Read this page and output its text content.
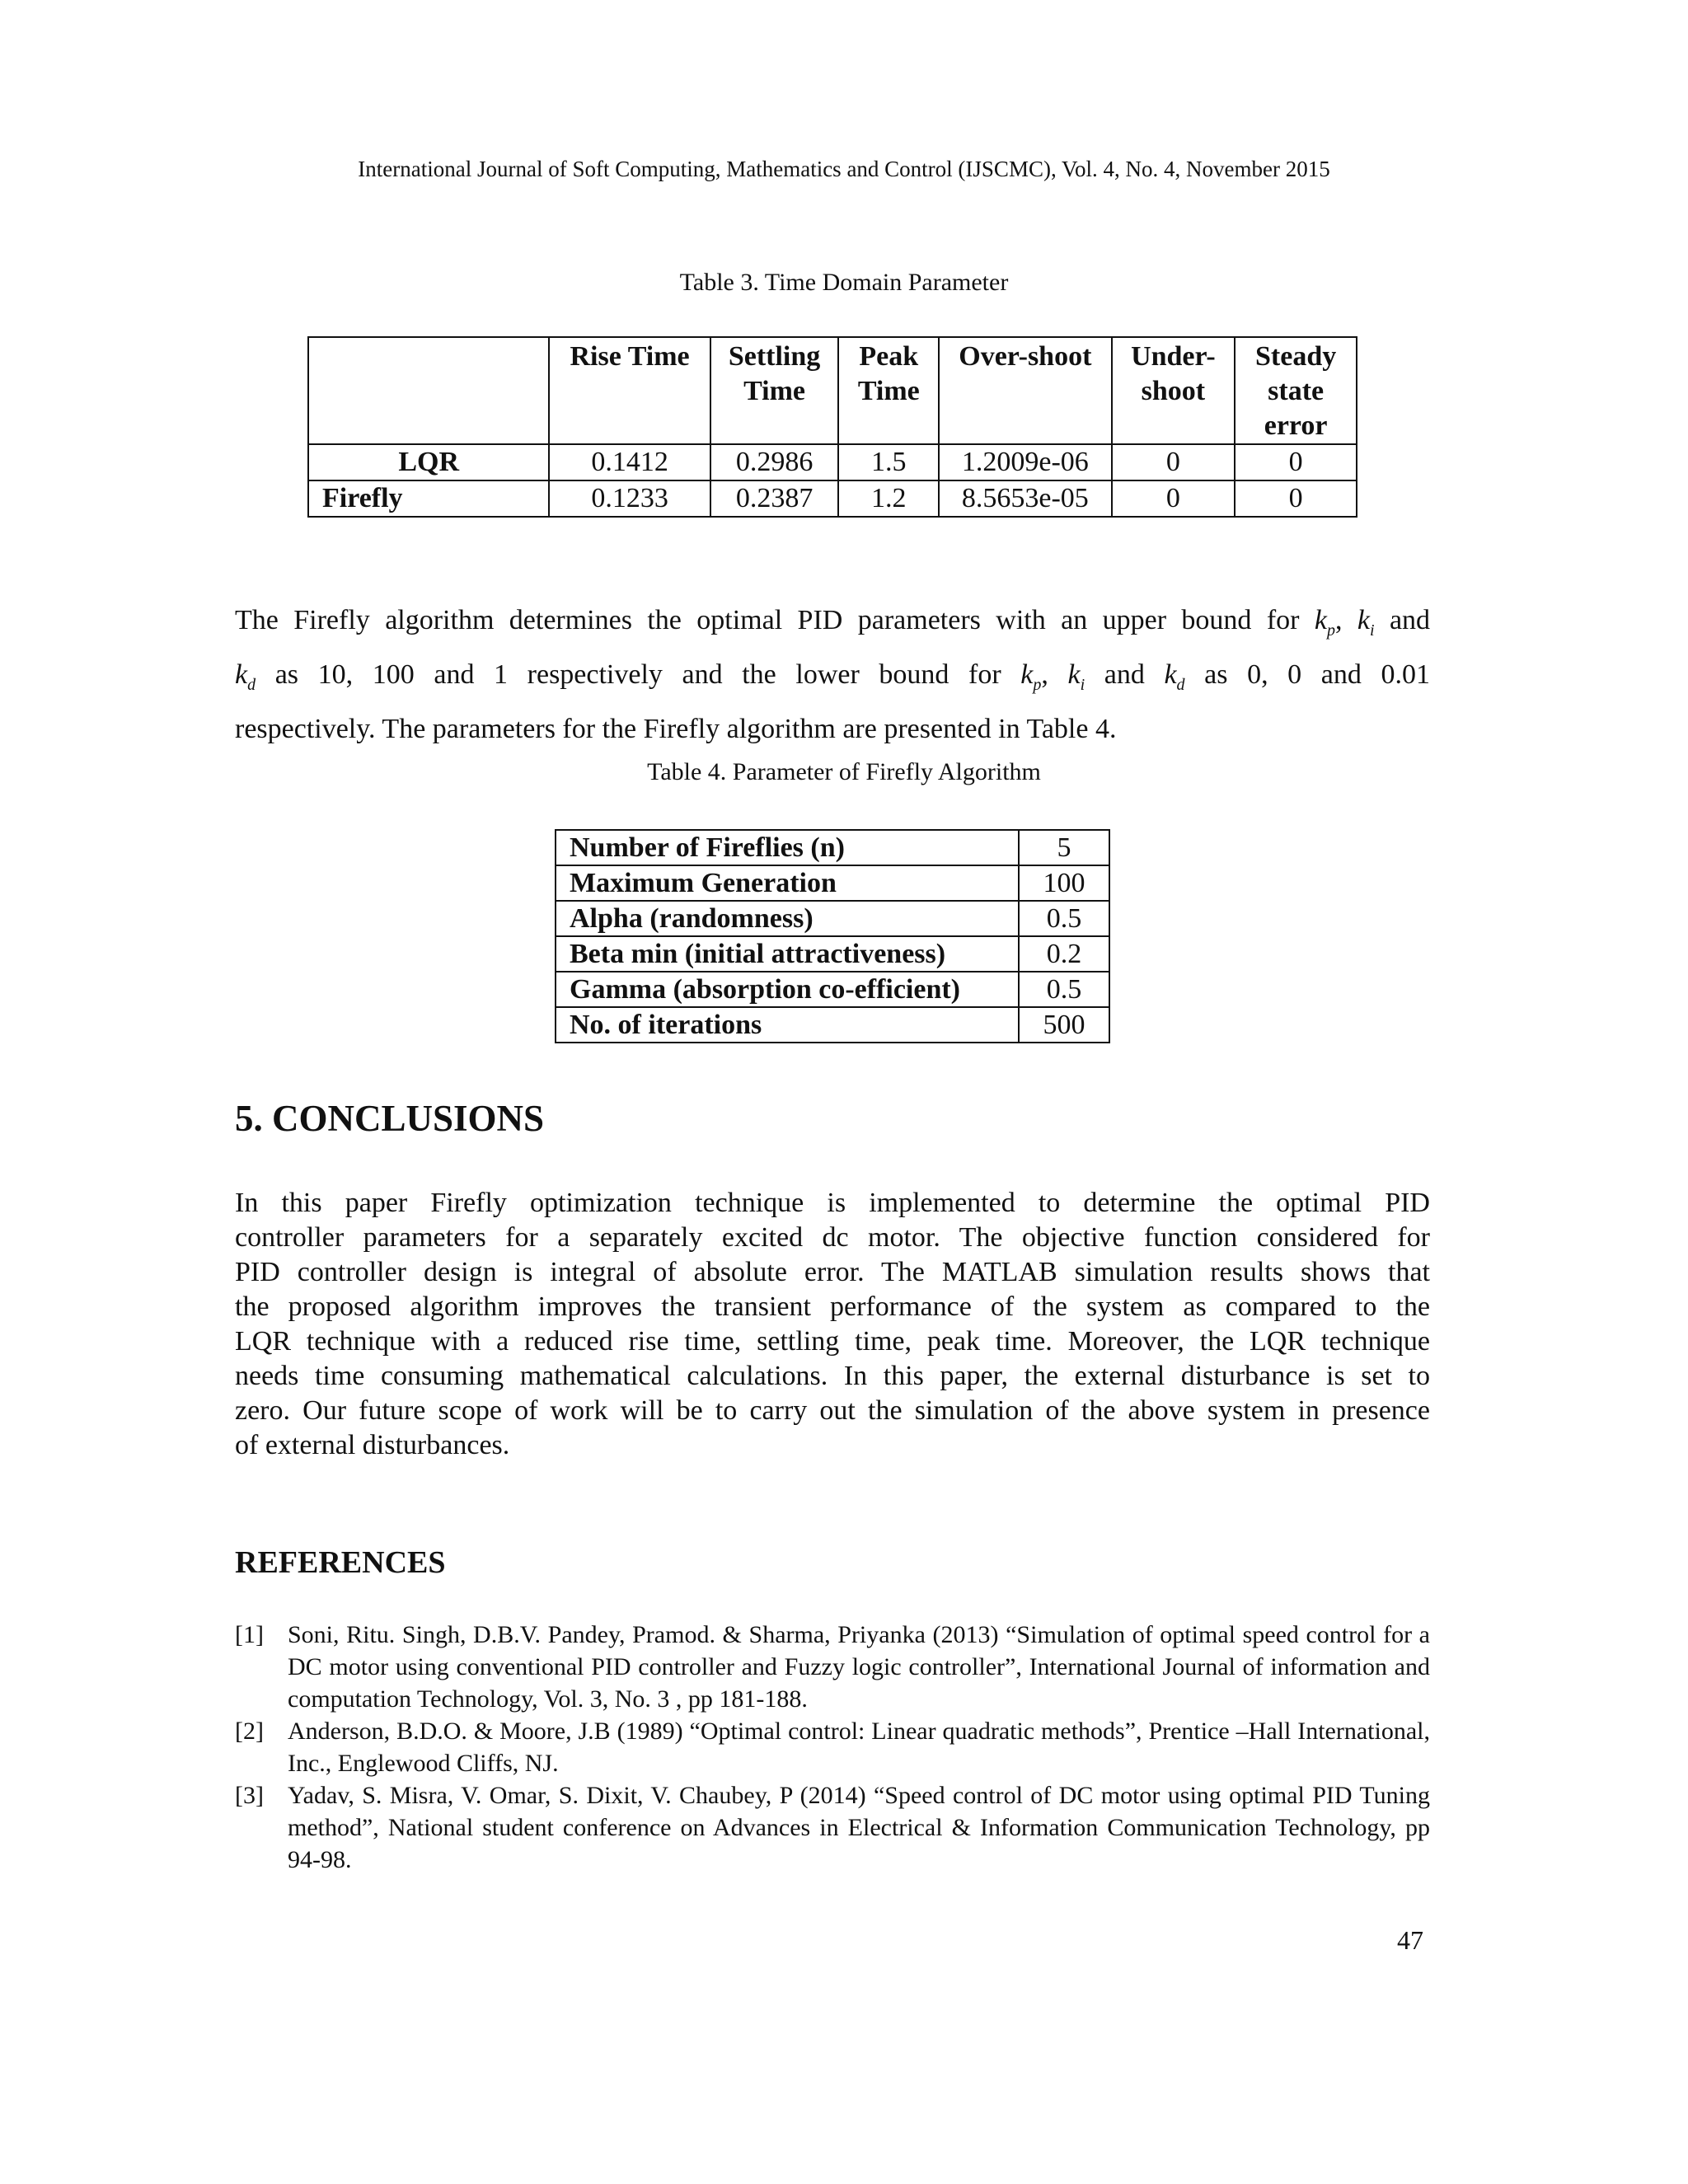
International Journal of Soft Computing, Mathematics and Control (IJSCMC), Vol. 4, No. 4, November 2015
Table 3. Time Domain Parameter
	Rise Time	Settling Time	Peak Time	Over-shoot	Under-shoot	Steady state error
LQR	0.1412	0.2986	1.5	1.2009e-06	0	0
Firefly	0.1233	0.2387	1.2	8.5653e-05	0	0
The Firefly algorithm determines the optimal PID parameters with an upper bound for $k_p$, $k_i$ and
$k_d$ as 10, 100 and 1 respectively and the lower bound for $k_p$, $k_i$ and $k_d$ as 0, 0 and 0.01
respectively. The parameters for the Firefly algorithm are presented in Table 4.
Table 4. Parameter of Firefly Algorithm
Number of Fireflies (n)	5
Maximum Generation	100
Alpha (randomness)	0.5
Beta min (initial attractiveness)	0.2
Gamma (absorption co-efficient)	0.5
No. of iterations	500
5. CONCLUSIONS
In this paper Firefly optimization technique is implemented to determine the optimal PID
controller parameters for a separately excited dc motor. The objective function considered for
PID controller design is integral of absolute error. The MATLAB simulation results shows that
the proposed algorithm improves the transient performance of the system as compared to the
LQR technique with a reduced rise time, settling time, peak time. Moreover, the LQR technique
needs time consuming mathematical calculations. In this paper, the external disturbance is set to
zero. Our future scope of work will be to carry out the simulation of the above system in presence
of external disturbances.
REFERENCES
[1] Soni, Ritu. Singh, D.B.V. Pandey, Pramod. & Sharma, Priyanka (2013) “Simulation of optimal speed control for a DC motor using conventional PID controller and Fuzzy logic controller”, International Journal of information and computation Technology, Vol. 3, No. 3 , pp 181-188.
[2] Anderson, B.D.O. & Moore, J.B (1989) “Optimal control: Linear quadratic methods”, Prentice –Hall International, Inc., Englewood Cliffs, NJ.
[3] Yadav, S. Misra, V. Omar, S. Dixit, V. Chaubey, P (2014) “Speed control of DC motor using optimal PID Tuning method”, National student conference on Advances in Electrical & Information Communication Technology, pp 94-98.
47
